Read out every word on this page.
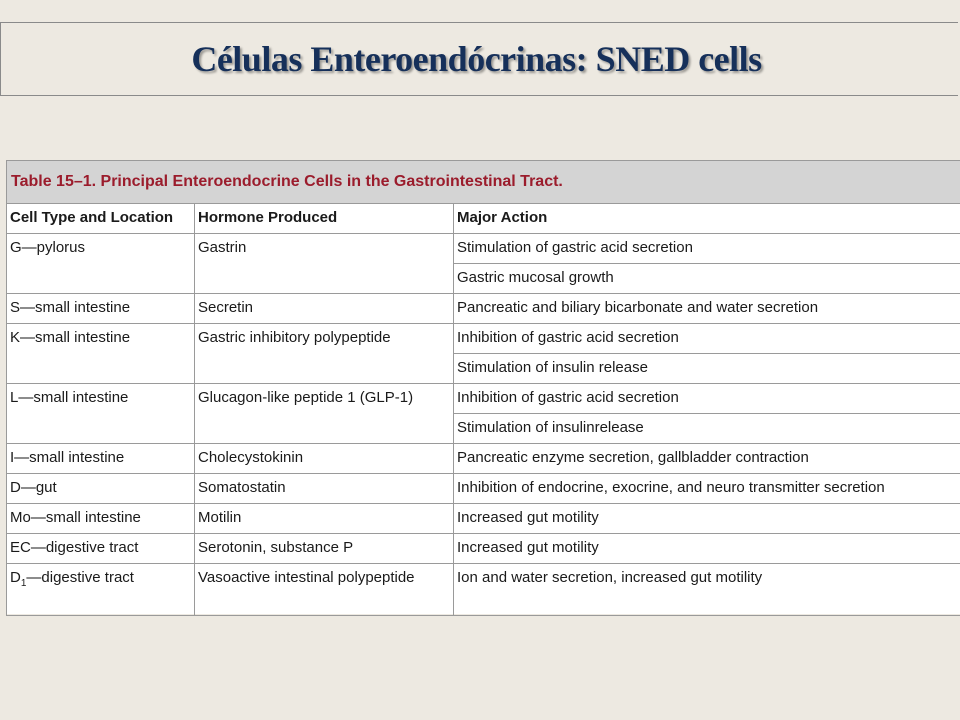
Células Enteroendócrinas: SNED cells
Table 15–1. Principal Enteroendocrine Cells in the Gastrointestinal Tract.		
Cell Type and Location	Hormone Produced	Major Action
G—pylorus	Gastrin	Stimulation of gastric acid secretion
		Gastric mucosal growth
S—small intestine	Secretin	Pancreatic and biliary bicarbonate and water secretion
K—small intestine	Gastric inhibitory polypeptide	Inhibition of gastric acid secretion
		Stimulation of insulin release
L—small intestine	Glucagon-like peptide 1 (GLP-1)	Inhibition of gastric acid secretion
		Stimulation of insulinrelease
I—small intestine	Cholecystokinin	Pancreatic enzyme secretion, gallbladder contraction
D—gut	Somatostatin	Inhibition of endocrine, exocrine, and neuro transmitter secretion
Mo—small intestine	Motilin	Increased gut motility
EC—digestive tract	Serotonin, substance P	Increased gut motility
$D_1—digestive$ tract	Vasoactive intestinal polypeptide	Ion and water secretion, increased gut motility
